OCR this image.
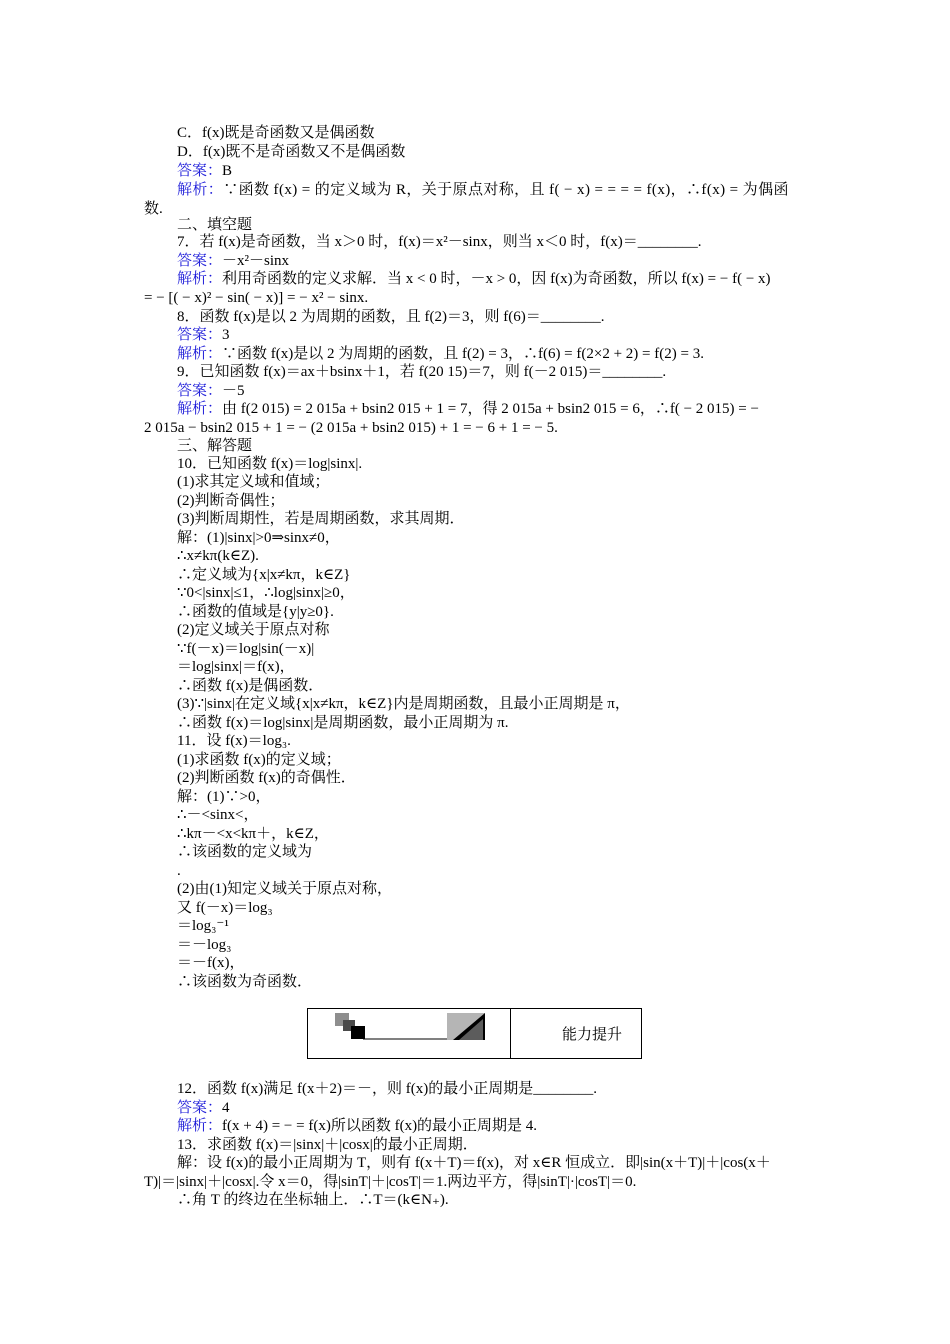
C．f(x)既是奇函数又是偶函数
D．f(x)既不是奇函数又不是偶函数
答案：B
解析：∵函数 f(x) = 的定义域为 R，关于原点对称，且 f( − x) = = = = f(x)，∴f(x) = 为偶函
数.
二、填空题
7．若 f(x)是奇函数，当 x＞0 时，f(x)＝x²－sinx，则当 x＜0 时，f(x)＝________.
答案：－x²－sinx
解析：利用奇函数的定义求解．当 x < 0 时，－x > 0，因 f(x)为奇函数，所以 f(x) = − f( − x)
= − [( − x)² − sin( − x)] = − x² − sinx.
8．函数 f(x)是以 2 为周期的函数，且 f(2)＝3，则 f(6)＝________.
答案：3
解析：∵函数 f(x)是以 2 为周期的函数，且 f(2) = 3，∴f(6) = f(2×2 + 2) = f(2) = 3.
9．已知函数 f(x)＝ax＋bsinx＋1，若 f(20 15)＝7，则 f(－2 015)＝________.
答案：－5
解析：由 f(2 015) = 2 015a + bsin2 015 + 1 = 7，得 2 015a + bsin2 015 = 6，∴f( − 2 015) = −
2 015a − bsin2 015 + 1 = − (2 015a + bsin2 015) + 1 = − 6 + 1 = − 5.
三、解答题
10．已知函数 f(x)＝log|sinx|.
(1)求其定义域和值域；
(2)判断奇偶性；
(3)判断周期性，若是周期函数，求其周期．
解：(1)|sinx|>0⇒sinx≠0，
∴x≠kπ(k∈Z).
∴定义域为{x|x≠kπ，k∈Z}
∵0<|sinx|≤1，∴log|sinx|≥0，
∴函数的值域是{y|y≥0}.
(2)定义域关于原点对称
∵f(－x)＝log|sin(－x)|
＝log|sinx|＝f(x)，
∴函数 f(x)是偶函数．
(3)∵|sinx|在定义域{x|x≠kπ，k∈Z}内是周期函数，且最小正周期是 π，
∴函数 f(x)＝log|sinx|是周期函数，最小正周期为 π.
11．设 f(x)＝log₃.
(1)求函数 f(x)的定义域；
(2)判断函数 f(x)的奇偶性．
解：(1)∵>0，
∴－<sinx<，
∴kπ－<x<kπ＋，k∈Z，
∴该函数的定义域为
.
(2)由(1)知定义域关于原点对称，
又 f(－x)＝log₃
＝log₃⁻¹
＝－log₃
＝－f(x)，
∴该函数为奇函数．
能力提升
12．函数 f(x)满足 f(x＋2)＝－，则 f(x)的最小正周期是________.
答案：4
解析：f(x + 4) = − = f(x)所以函数 f(x)的最小正周期是 4.
13．求函数 f(x)＝|sinx|＋|cosx|的最小正周期．
解：设 f(x)的最小正周期为 T，则有 f(x＋T)＝f(x)，对 x∈R 恒成立．即|sin(x＋T)|＋|cos(x＋
T)|＝|sinx|＋|cosx|.令 x＝0，得|sinT|＋|cosT|＝1.两边平方，得|sinT|·|cosT|＝0.
∴角 T 的终边在坐标轴上．∴T＝(k∈N₊).
